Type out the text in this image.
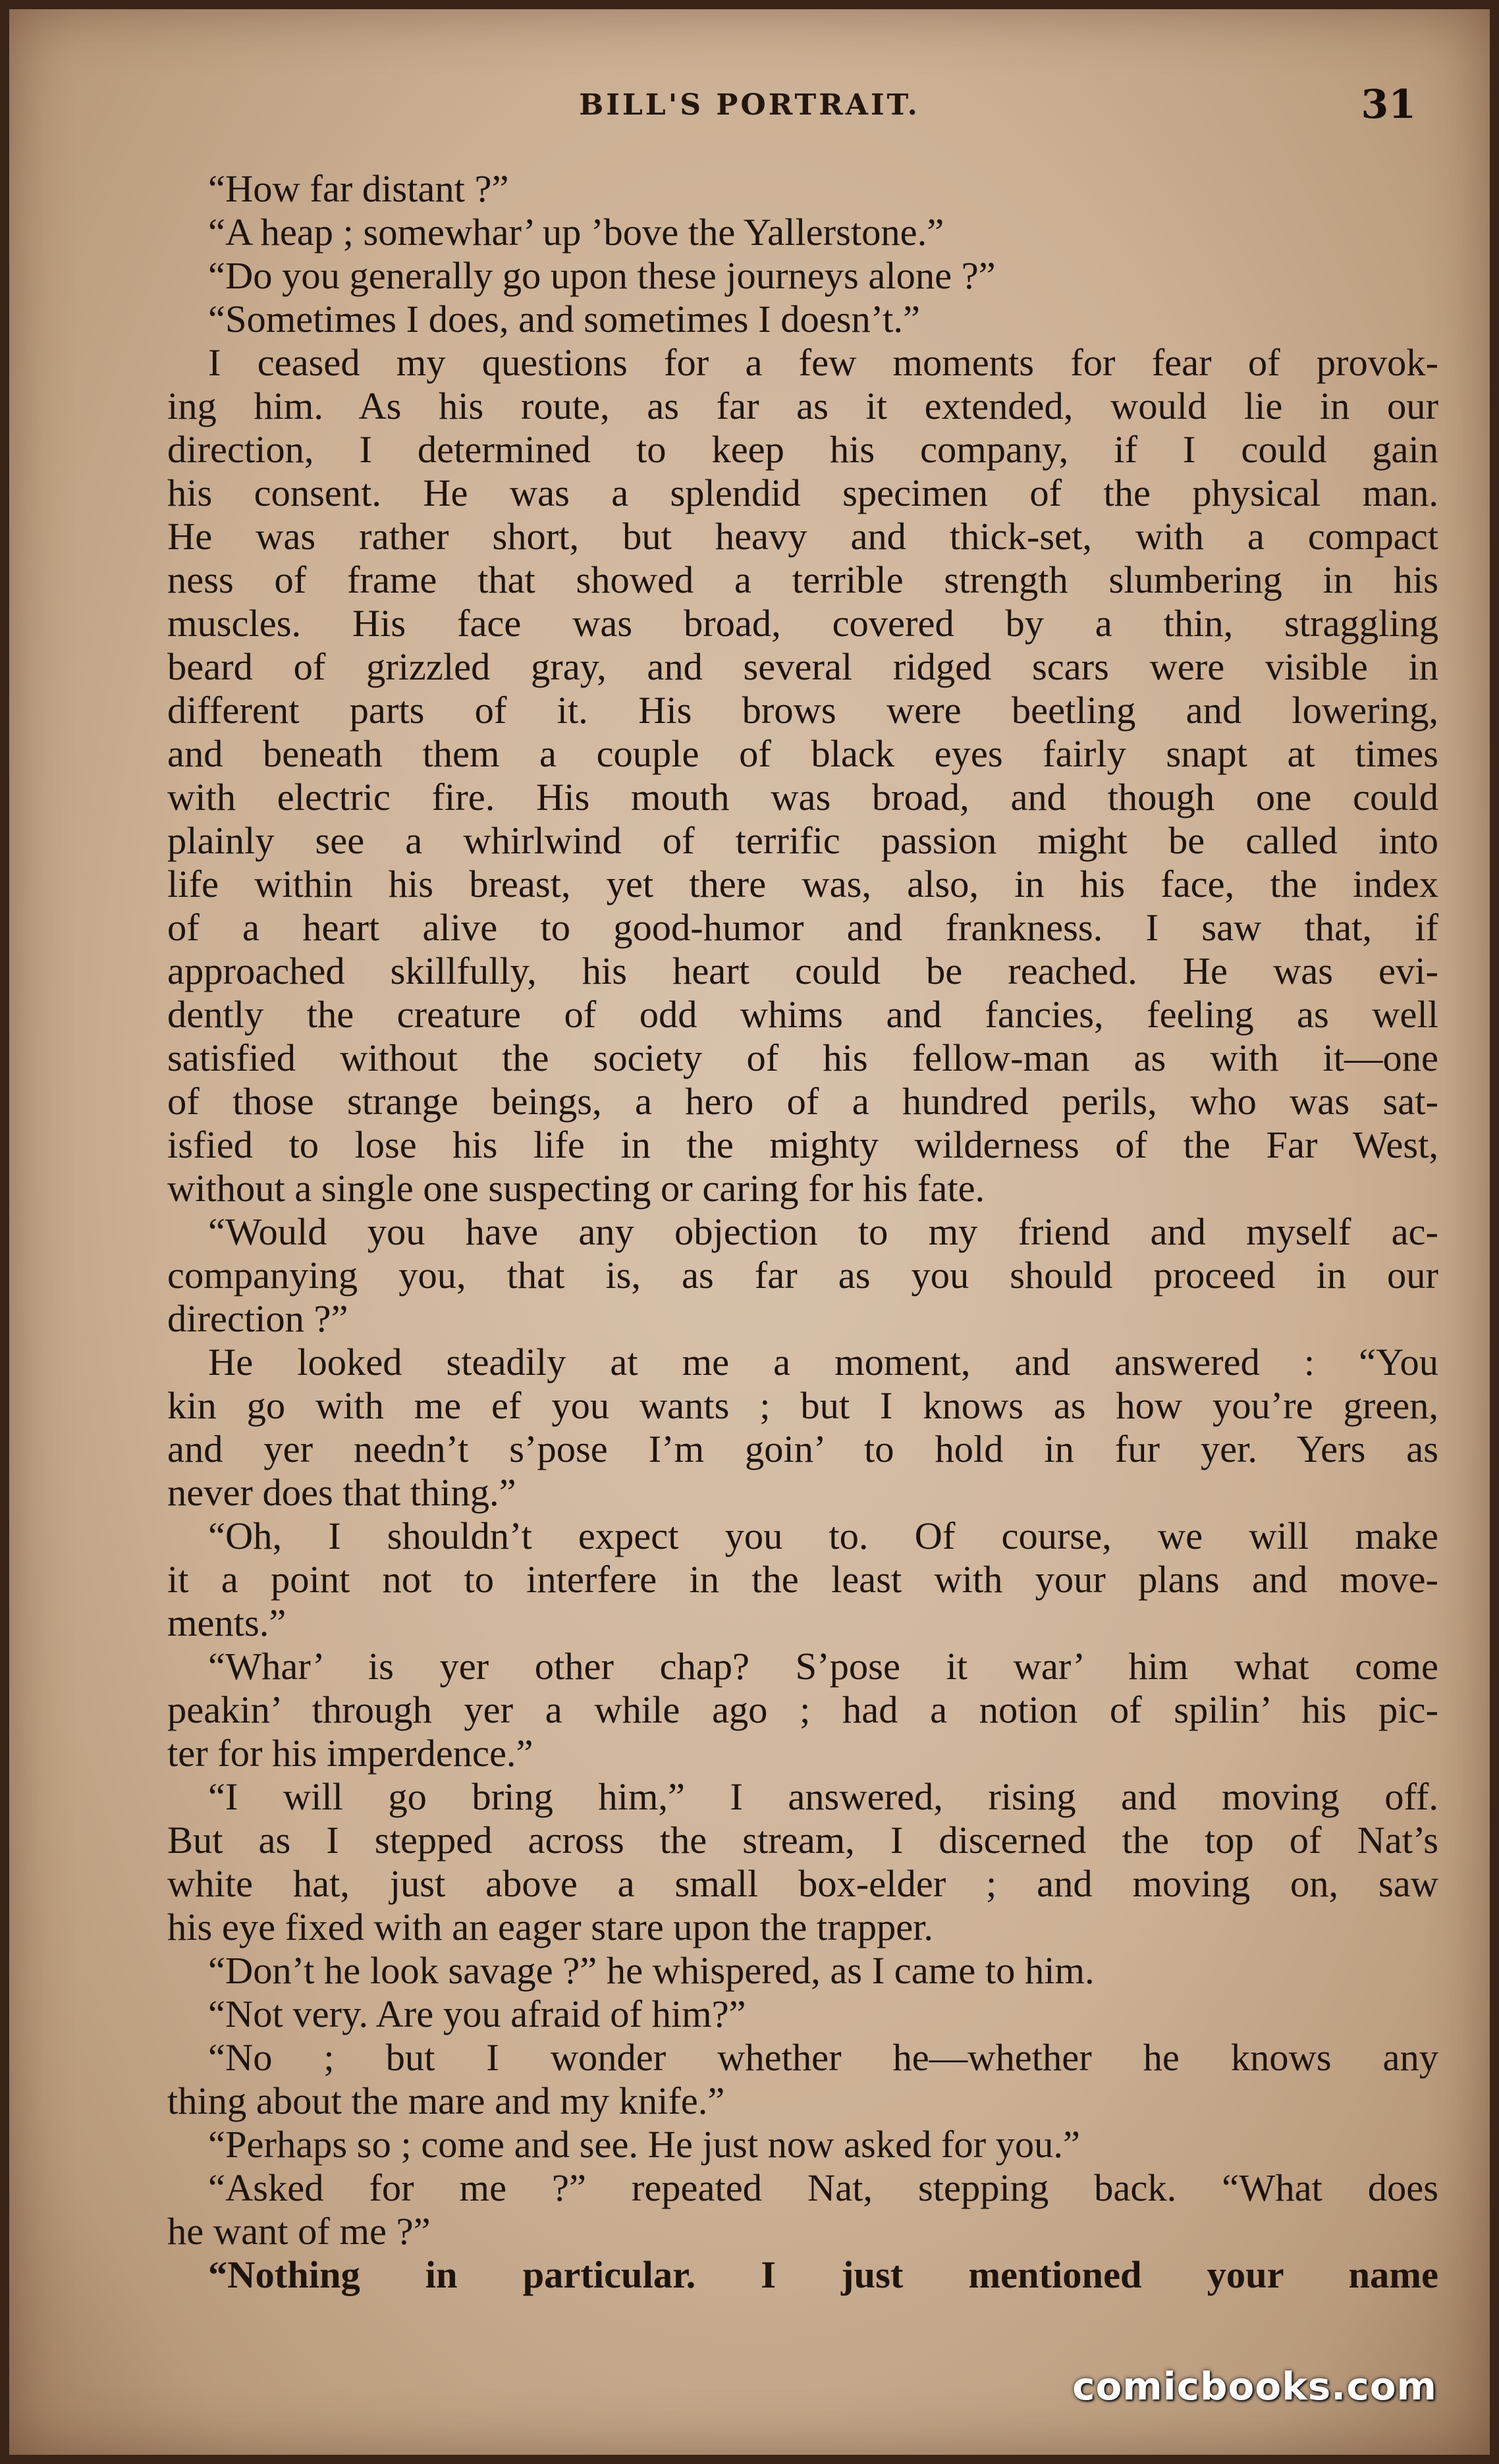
BILL'S PORTRAIT.	31
“How far distant ?”
“A heap ; somewhar’ up ’bove the Yallerstone.”
“Do you generally go upon these journeys alone ?”
“Sometimes I does, and sometimes I doesn’t.”
I ceased my questions for a few moments for fear of provok-
ing him. As his route, as far as it extended, would lie in our
direction, I determined to keep his company, if I could gain
his consent. He was a splendid specimen of the physical man.
He was rather short, but heavy and thick-set, with a compact
ness of frame that showed a terrible strength slumbering in his
muscles. His face was broad, covered by a thin, straggling
beard of grizzled gray, and several ridged scars were visible in
different parts of it. His brows were beetling and lowering,
and beneath them a couple of black eyes fairly snapt at times
with electric fire. His mouth was broad, and though one could
plainly see a whirlwind of terrific passion might be called into
life within his breast, yet there was, also, in his face, the index
of a heart alive to good-humor and frankness. I saw that, if
approached skillfully, his heart could be reached. He was evi-
dently the creature of odd whims and fancies, feeling as well
satisfied without the society of his fellow-man as with it—one
of those strange beings, a hero of a hundred perils, who was sat-
isfied to lose his life in the mighty wilderness of the Far West,
without a single one suspecting or caring for his fate.
“Would you have any objection to my friend and myself ac-
companying you, that is, as far as you should proceed in our
direction ?”
He looked steadily at me a moment, and answered : “You
kin go with me ef you wants ; but I knows as how you’re green,
and yer needn’t s’pose I’m goin’ to hold in fur yer. Yers as
never does that thing.”
“Oh, I shouldn’t expect you to. Of course, we will make
it a point not to interfere in the least with your plans and move-
ments.”
“Whar’ is yer other chap? S’pose it war’ him what come
peakin’ through yer a while ago ; had a notion of spilin’ his pic-
ter for his imperdence.”
“I will go bring him,” I answered, rising and moving off.
But as I stepped across the stream, I discerned the top of Nat’s
white hat, just above a small box-elder ; and moving on, saw
his eye fixed with an eager stare upon the trapper.
“Don’t he look savage ?” he whispered, as I came to him.
“Not very. Are you afraid of him?”
“No ; but I wonder whether he—whether he knows any
thing about the mare and my knife.”
“Perhaps so ; come and see. He just now asked for you.”
“Asked for me ?” repeated Nat, stepping back. “What does
he want of me ?”
“Nothing in particular. I just mentioned your name
comicbooks.com
